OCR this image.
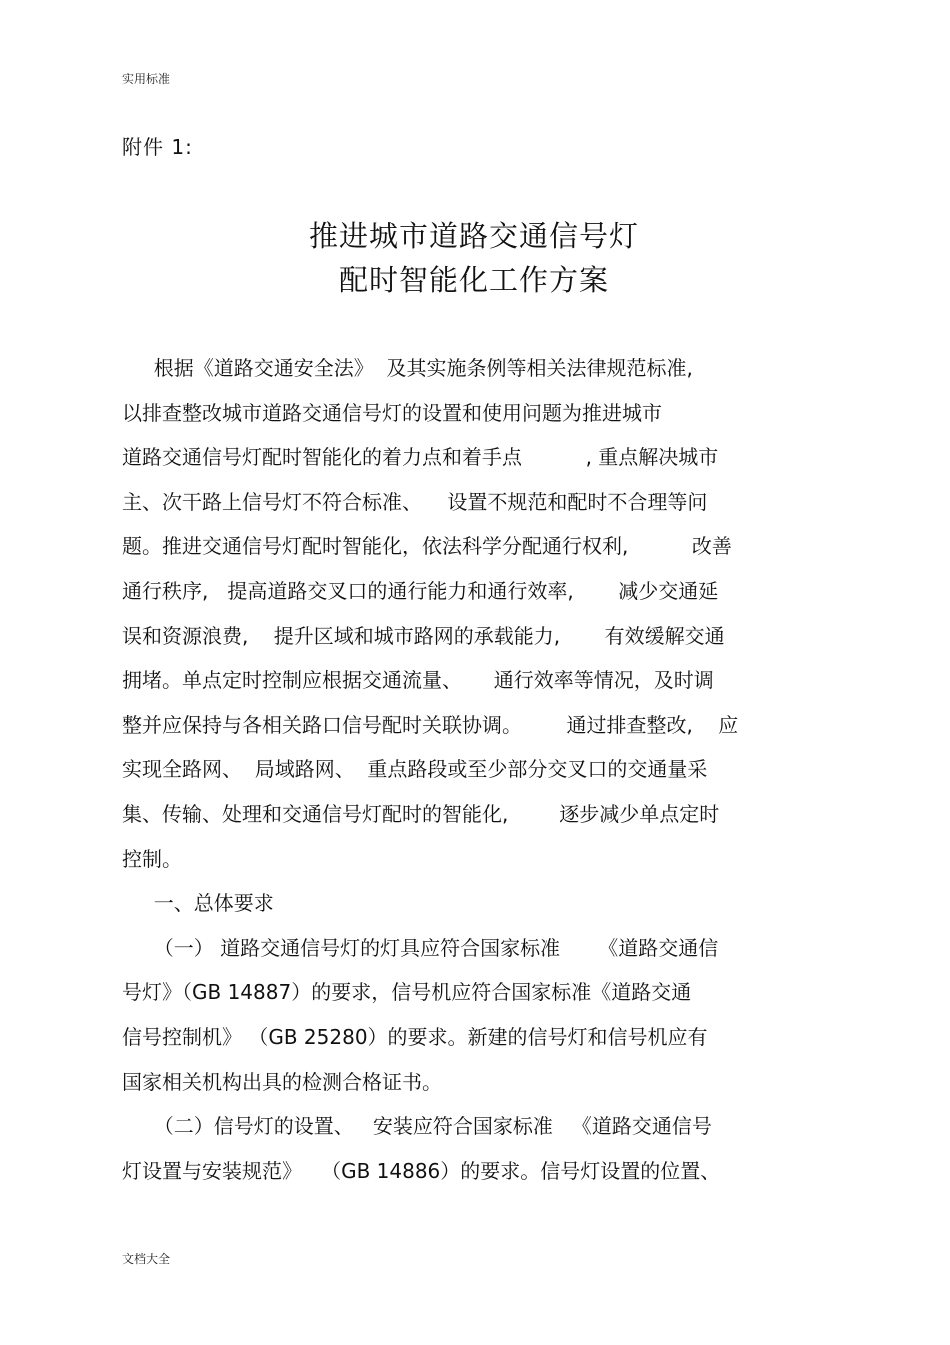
实用标准
附件 1:
推进城市道路交通信号灯
配时智能化工作方案
根据《道路交通安全法》  及其实施条例等相关法律规范标准,
以排查整改城市道路交通信号灯的设置和使用问题为推进城市
道路交通信号灯配时智能化的着力点和着手点          , 重点解决城市
主、次干路上信号灯不符合标准、    设置不规范和配时不合理等问
题。推进交通信号灯配时智能化，依法科学分配通行权利,          改善
通行秩序,   提高道路交叉口的通行能力和通行效率,       减少交通延
误和资源浪费,    提升区域和城市路网的承载能力,       有效缓解交通
拥堵。单点定时控制应根据交通流量、     通行效率等情况，及时调
整并应保持与各相关路口信号配时关联协调。       通过排查整改,    应
实现全路网、  局域路网、  重点路段或至少部分交叉口的交通量采
集、传输、处理和交通信号灯配时的智能化,        逐步减少单点定时
控制。
一、总体要求
（一） 道路交通信号灯的灯具应符合国家标准      《道路交通信
号灯》（GB 14887）的要求，信号机应符合国家标准《道路交通
信号控制机》 （GB 25280）的要求。新建的信号灯和信号机应有
国家相关机构出具的检测合格证书。
（二）信号灯的设置、   安装应符合国家标准   《道路交通信号
灯设置与安装规范》   （GB 14886）的要求。信号灯设置的位置、
文档大全
